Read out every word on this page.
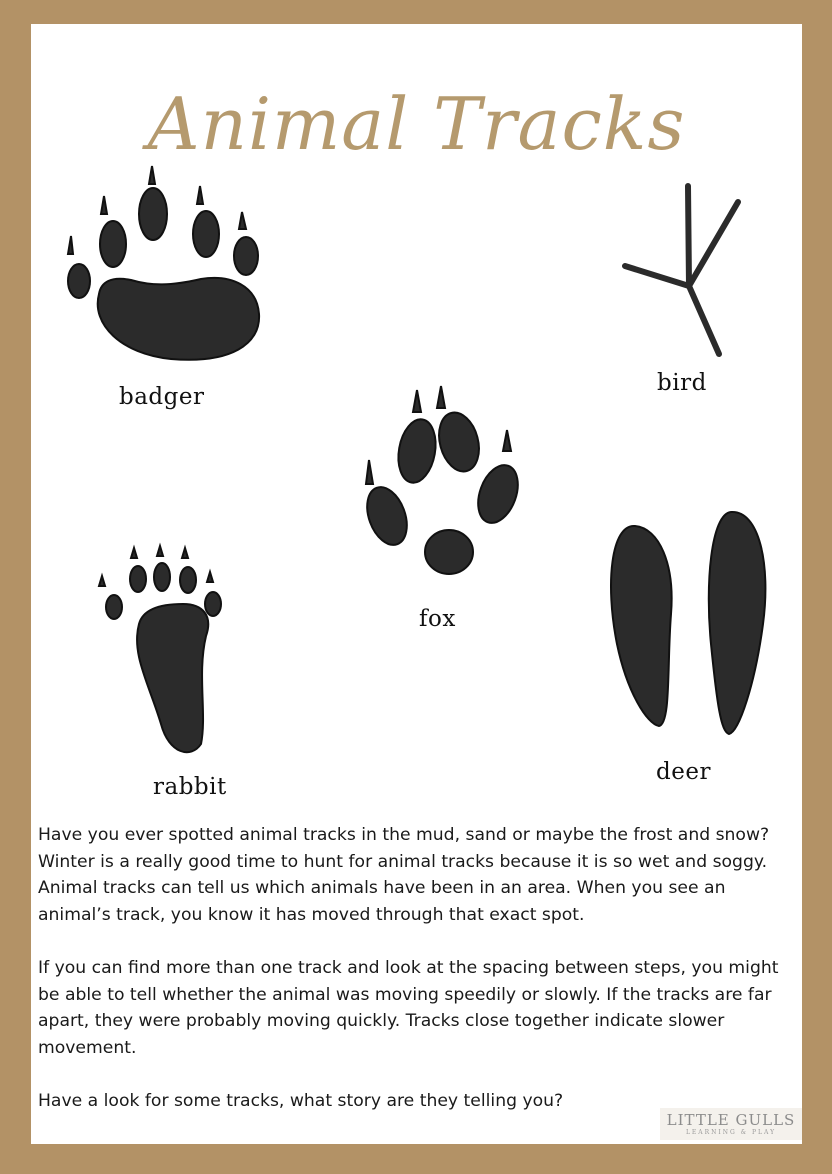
Animal Tracks
badger
bird
fox
rabbit
deer

Have you ever spotted animal tracks in the mud, sand or maybe the frost and snow? Winter is a really good time to hunt for animal tracks because it is so wet and soggy. Animal tracks can tell us which animals have been in an area. When you see an animal’s track, you know it has moved through that exact spot.

If you can find more than one track and look at the spacing between steps, you might be able to tell whether the animal was moving speedily or slowly. If the tracks are far apart, they were probably moving quickly. Tracks close together indicate slower movement.

Have a look for some tracks, what story are they telling you?

LITTLE GULLS
LEARNING & PLAY
